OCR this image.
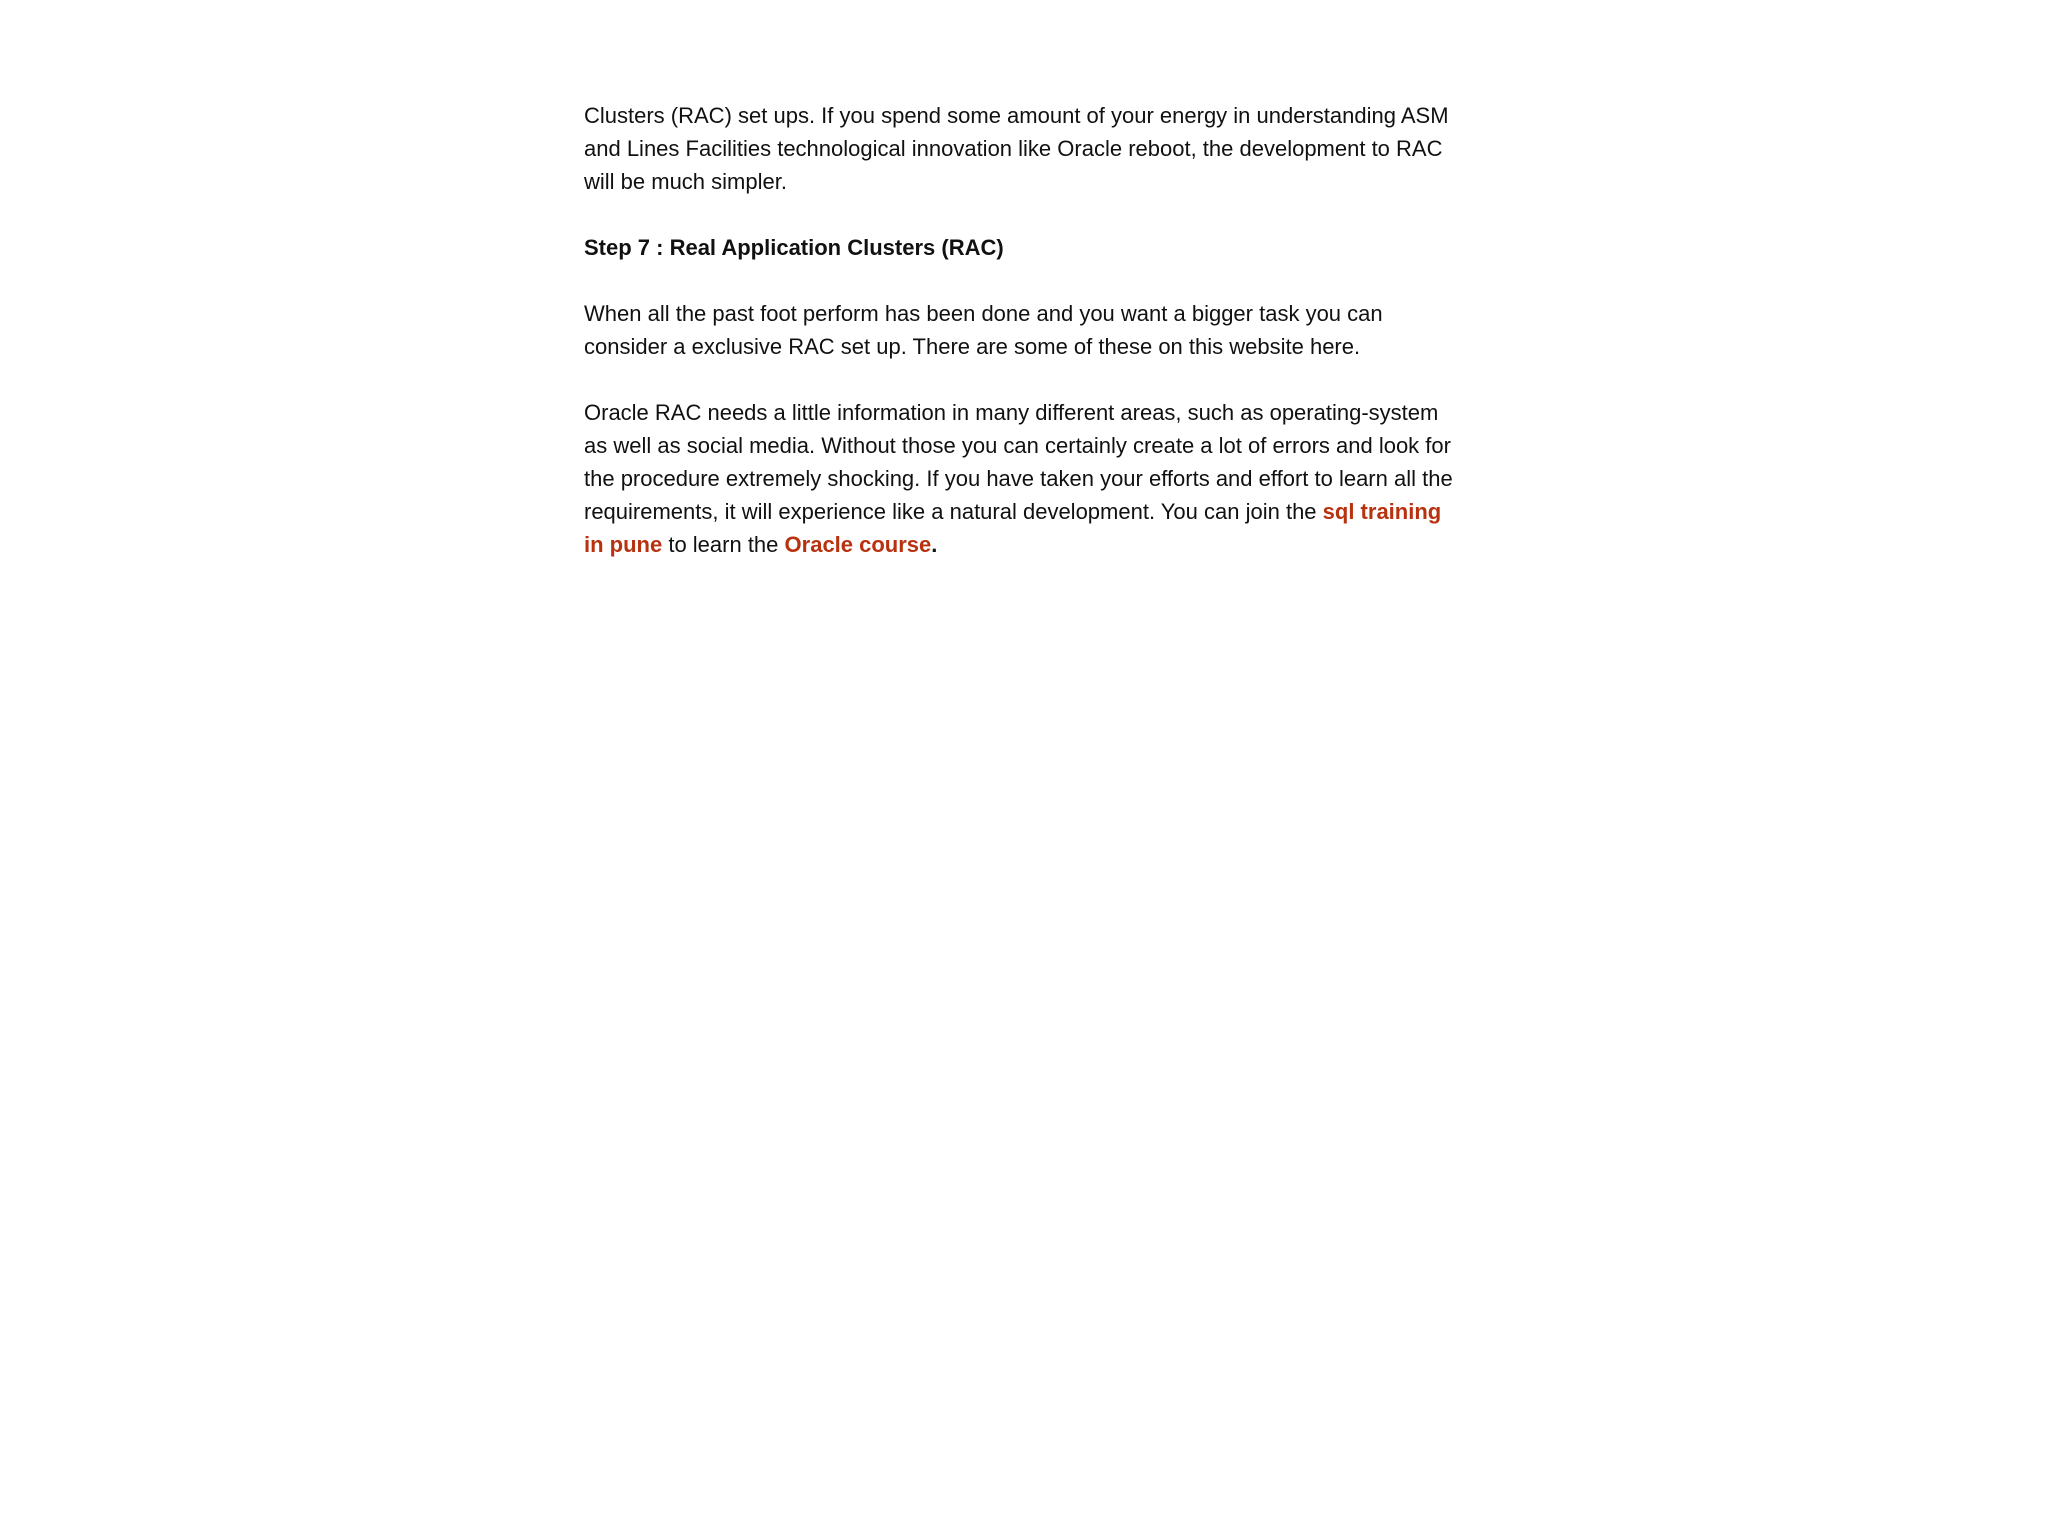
Clusters (RAC) set ups. If you spend some amount of your energy in understanding ASM and Lines Facilities technological innovation like Oracle reboot, the development to RAC will be much simpler.

Step 7 : Real Application Clusters (RAC)

When all the past foot perform has been done and you want a bigger task you can consider a exclusive RAC set up. There are some of these on this website here.

Oracle RAC needs a little information in many different areas, such as operating-system as well as social media. Without those you can certainly create a lot of errors and look for the procedure extremely shocking. If you have taken your efforts and effort to learn all the requirements, it will experience like a natural development. You can join the sql training in pune to learn the Oracle course.
